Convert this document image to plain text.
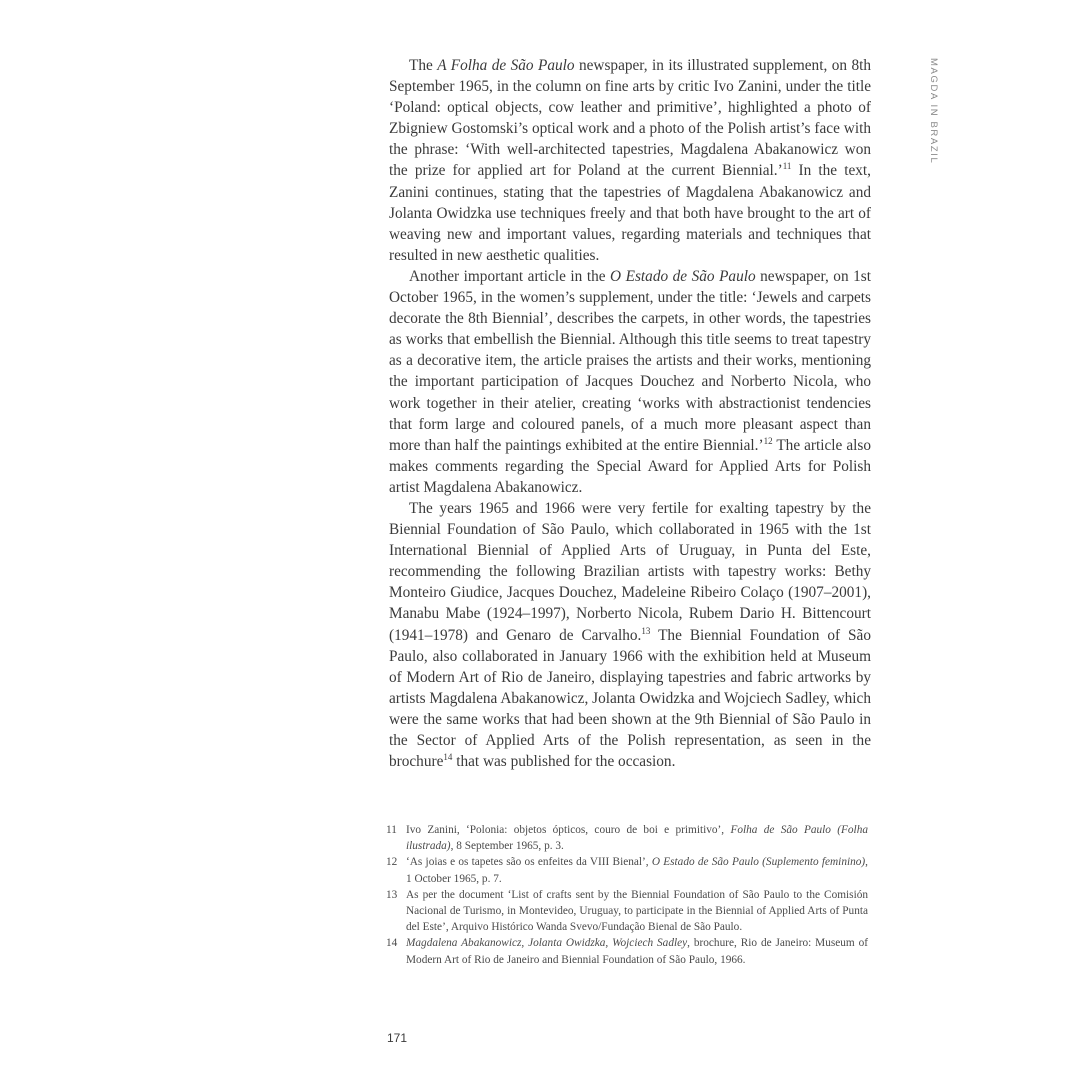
MAGDA IN BRAZIL

The A Folha de São Paulo newspaper, in its illustrated supplement, on 8th September 1965, in the column on fine arts by critic Ivo Zanini, under the title ‘Poland: optical objects, cow leather and primitive’, highlighted a photo of Zbigniew Gostomski’s optical work and a photo of the Polish artist’s face with the phrase: ‘With well-architected tapestries, Magdalena Abakanowicz won the prize for applied art for Poland at the current Biennial.’$^{11}$ In the text, Zanini continues, stating that the tapestries of Magdalena Abakanowicz and Jolanta Owidzka use techniques freely and that both have brought to the art of weaving new and important values, regarding materials and techniques that resulted in new aesthetic qualities.

Another important article in the O Estado de São Paulo newspaper, on 1st October 1965, in the women’s supplement, under the title: ‘Jewels and carpets decorate the 8th Biennial’, describes the carpets, in other words, the tapestries as works that embellish the Biennial. Although this title seems to treat tapestry as a decorative item, the article praises the artists and their works, mentioning the important participation of Jacques Douchez and Norberto Nicola, who work together in their atelier, creating ‘works with abstractionist tendencies that form large and coloured panels, of a much more pleasant aspect than more than half the paintings exhibited at the entire Biennial.’$^{12}$ The article also makes comments regarding the Special Award for Applied Arts for Polish artist Magdalena Abakanowicz.

The years 1965 and 1966 were very fertile for exalting tapestry by the Biennial Foundation of São Paulo, which collaborated in 1965 with the 1st International Biennial of Applied Arts of Uruguay, in Punta del Este, recommending the following Brazilian artists with tapestry works: Bethy Monteiro Giudice, Jacques Douchez, Madeleine Ribeiro Colaço (1907–2001), Manabu Mabe (1924–1997), Norberto Nicola, Rubem Dario H. Bittencourt (1941–1978) and Genaro de Carvalho.$^{13}$ The Biennial Foundation of São Paulo, also collaborated in January 1966 with the exhibition held at Museum of Modern Art of Rio de Janeiro, displaying tapestries and fabric artworks by artists Magdalena Abakanowicz, Jolanta Owidzka and Wojciech Sadley, which were the same works that had been shown at the 9th Biennial of São Paulo in the Sector of Applied Arts of the Polish representation, as seen in the brochure$^{14}$ that was published for the occasion.

11 Ivo Zanini, ‘Polonia: objetos ópticos, couro de boi e primitivo’, Folha de São Paulo (Folha ilustrada), 8 September 1965, p. 3.
12 ‘As joias e os tapetes são os enfeites da VIII Bienal’, O Estado de São Paulo (Suplemento feminino), 1 October 1965, p. 7.
13 As per the document ‘List of crafts sent by the Biennial Foundation of São Paulo to the Comisión Nacional de Turismo, in Montevideo, Uruguay, to participate in the Biennial of Applied Arts of Punta del Este’, Arquivo Histórico Wanda Svevo/Fundação Bienal de São Paulo.
14 Magdalena Abakanowicz, Jolanta Owidzka, Wojciech Sadley, brochure, Rio de Janeiro: Museum of Modern Art of Rio de Janeiro and Biennial Foundation of São Paulo, 1966.
171
